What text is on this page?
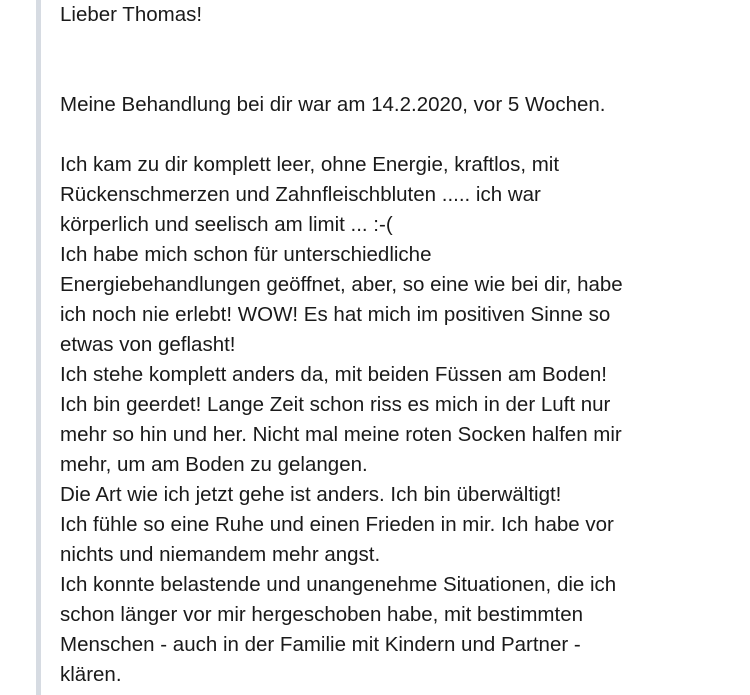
Lieber Thomas!
Meine Behandlung bei dir war am 14.2.2020, vor 5 Wochen.
Ich kam zu dir komplett leer, ohne Energie, kraftlos, mit
Rückenschmerzen und Zahnfleischbluten ..... ich war
körperlich und seelisch am limit ... :-(
Ich habe mich schon für unterschiedliche
Energiebehandlungen geöffnet, aber, so eine wie bei dir, habe
ich noch nie erlebt! WOW! Es hat mich im positiven Sinne so
etwas von geflasht!
Ich stehe komplett anders da, mit beiden Füssen am Boden!
Ich bin geerdet! Lange Zeit schon riss es mich in der Luft nur
mehr so hin und her. Nicht mal meine roten Socken halfen mir
mehr, um am Boden zu gelangen.
Die Art wie ich jetzt gehe ist anders. Ich bin überwältigt!
Ich fühle so eine Ruhe und einen Frieden in mir. Ich habe vor
nichts und niemandem mehr angst.
Ich konnte belastende und unangenehme Situationen, die ich
schon länger vor mir hergeschoben habe, mit bestimmten
Menschen - auch in der Familie mit Kindern und Partner -
klären.
